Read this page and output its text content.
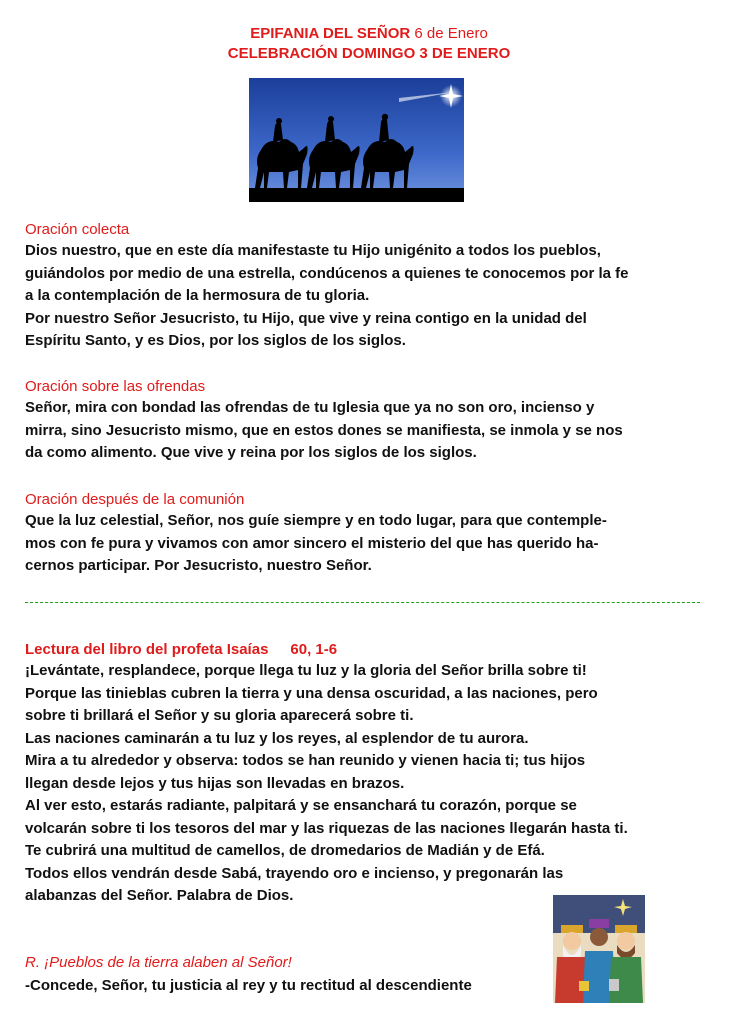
EPIFANIA DEL SEÑOR 6 de Enero
CELEBRACIÓN DOMINGO 3 DE ENERO
Oración colecta
Dios nuestro, que en este día manifestaste tu Hijo unigénito a todos los pueblos,
guiándolos por medio de una estrella, condúcenos a quienes te conocemos por la fe
a la contemplación de la hermosura de tu gloria.
Por nuestro Señor Jesucristo, tu Hijo, que vive y reina contigo en la unidad del
Espíritu Santo, y es Dios, por los siglos de los siglos.
Oración sobre las ofrendas
Señor, mira con bondad las ofrendas de tu Iglesia que ya no son oro, incienso y
mirra, sino Jesucristo mismo, que en estos dones se manifiesta, se inmola y se nos
da como alimento. Que vive y reina por los siglos de los siglos.
Oración después de la comunión
Que la luz celestial, Señor, nos guíe siempre y en todo lugar, para que contemple-
mos con fe pura y vivamos con amor sincero el misterio del que has querido ha-
cernos participar. Por Jesucristo, nuestro Señor.
Lectura del libro del profeta Isaías 60, 1-6
¡Levántate, resplandece, porque llega tu luz y la gloria del Señor brilla sobre ti!
Porque las tinieblas cubren la tierra y una densa oscuridad, a las naciones, pero
sobre ti brillará el Señor y su gloria aparecerá sobre ti.
Las naciones caminarán a tu luz y los reyes, al esplendor de tu aurora.
Mira a tu alrededor y observa: todos se han reunido y vienen hacia ti; tus hijos
llegan desde lejos y tus hijas son llevadas en brazos.
Al ver esto, estarás radiante, palpitará y se ensanchará tu corazón, porque se
volcarán sobre ti los tesoros del mar y las riquezas de las naciones llegarán hasta ti.
Te cubrirá una multitud de camellos, de dromedarios de Madián y de Efá.
Todos ellos vendrán desde Sabá, trayendo oro e incienso, y pregonarán las
alabanzas del Señor. Palabra de Dios.
R. ¡Pueblos de la tierra alaben al Señor!
-Concede, Señor, tu justicia al rey y tu rectitud al descendiente
